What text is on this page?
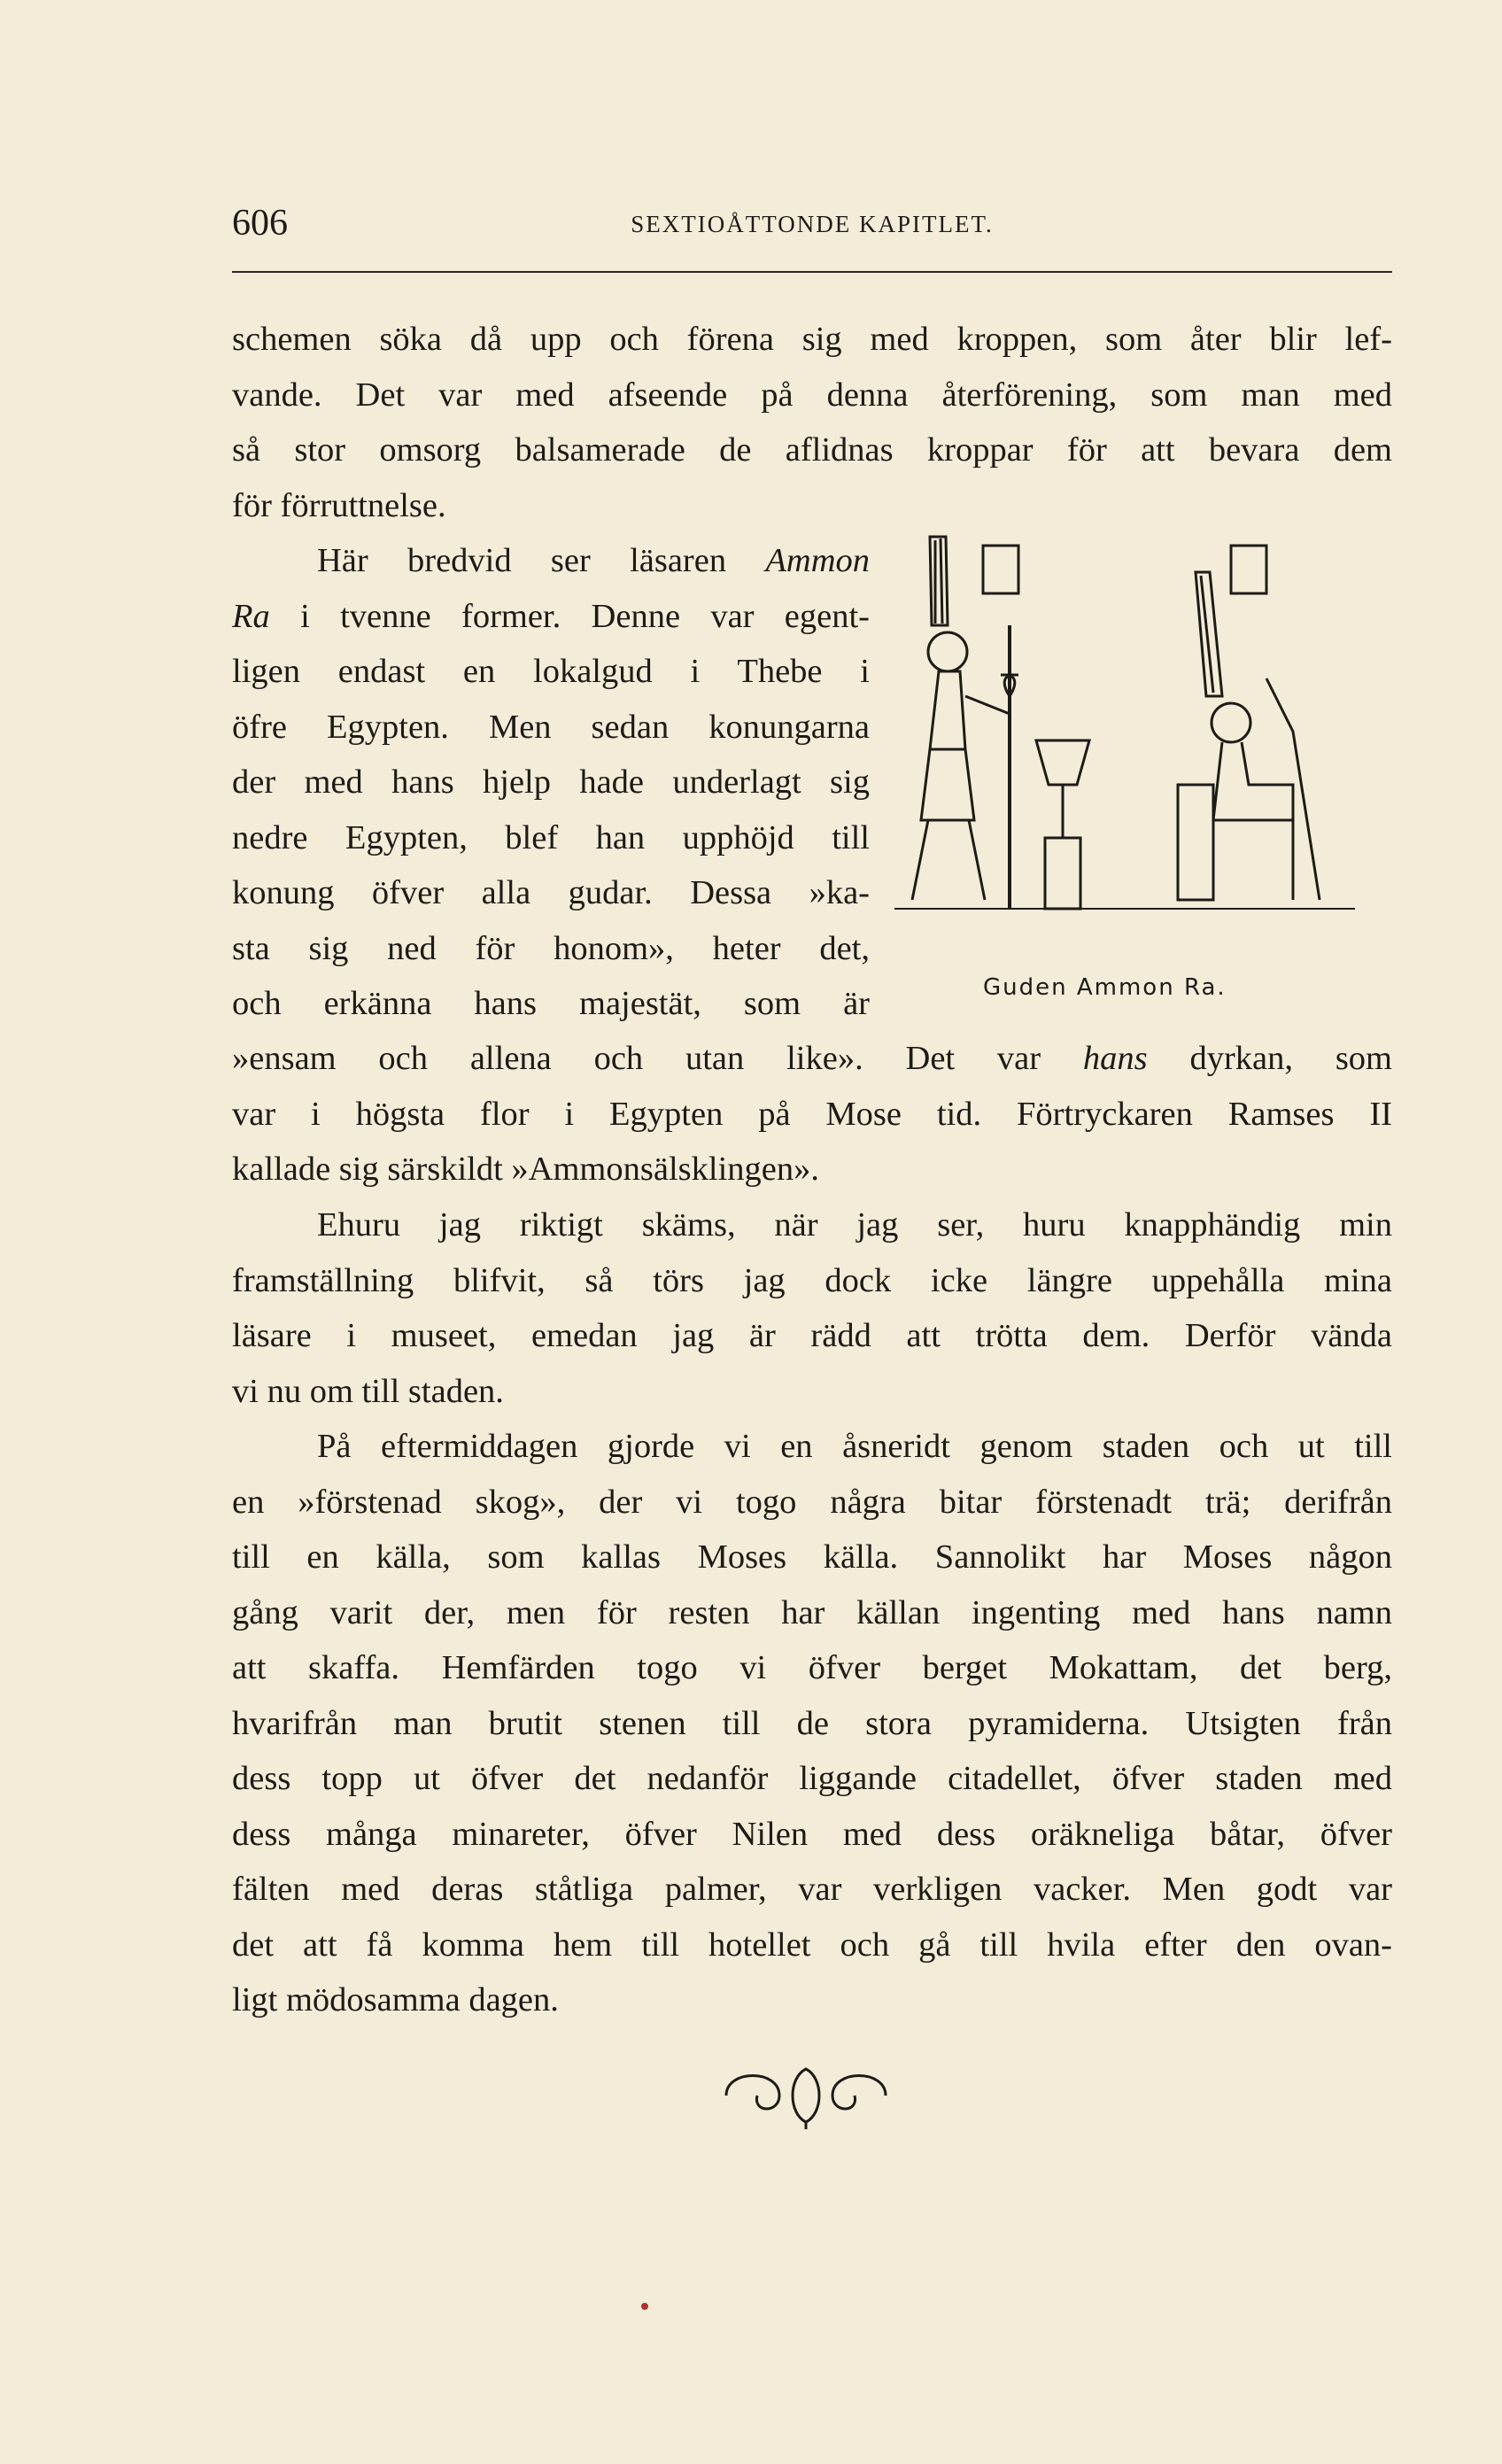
606	SEXTIOÅTTONDE KAPITLET.
schemen söka då upp och förena sig med kroppen, som åter blir lef-
vande. Det var med afseende på denna återförening, som man med
så stor omsorg balsamerade de aflidnas kroppar för att bevara dem
för förruttnelse.
Här bredvid ser läsaren Ammon
Ra i tvenne former. Denne var egent-
ligen endast en lokalgud i Thebe i
öfre Egypten. Men sedan konungarna
der med hans hjelp hade underlagt sig
nedre Egypten, blef han upphöjd till
konung öfver alla gudar. Dessa »ka-
sta sig ned för honom», heter det,
och erkänna hans majestät, som är
»ensam och allena och utan like». Det var hans dyrkan, som
var i högsta flor i Egypten på Mose tid. Förtryckaren Ramses II
kallade sig särskildt »Ammonsälsklingen».
Ehuru jag riktigt skäms, när jag ser, huru knapphändig min
framställning blifvit, så törs jag dock icke längre uppehålla mina
läsare i museet, emedan jag är rädd att trötta dem. Derför vända
vi nu om till staden.
På eftermiddagen gjorde vi en åsneridt genom staden och ut till
en »förstenad skog», der vi togo några bitar förstenadt trä; derifrån
till en källa, som kallas Moses källa. Sannolikt har Moses någon
gång varit der, men för resten har källan ingenting med hans namn
att skaffa. Hemfärden togo vi öfver berget Mokattam, det berg,
hvarifrån man brutit stenen till de stora pyramiderna. Utsigten från
dess topp ut öfver det nedanför liggande citadellet, öfver staden med
dess många minareter, öfver Nilen med dess oräkneliga båtar, öfver
fälten med deras ståtliga palmer, var verkligen vacker. Men godt var
det att få komma hem till hotellet och gå till hvila efter den ovan-
ligt mödosamma dagen.
Guden Ammon Ra.
